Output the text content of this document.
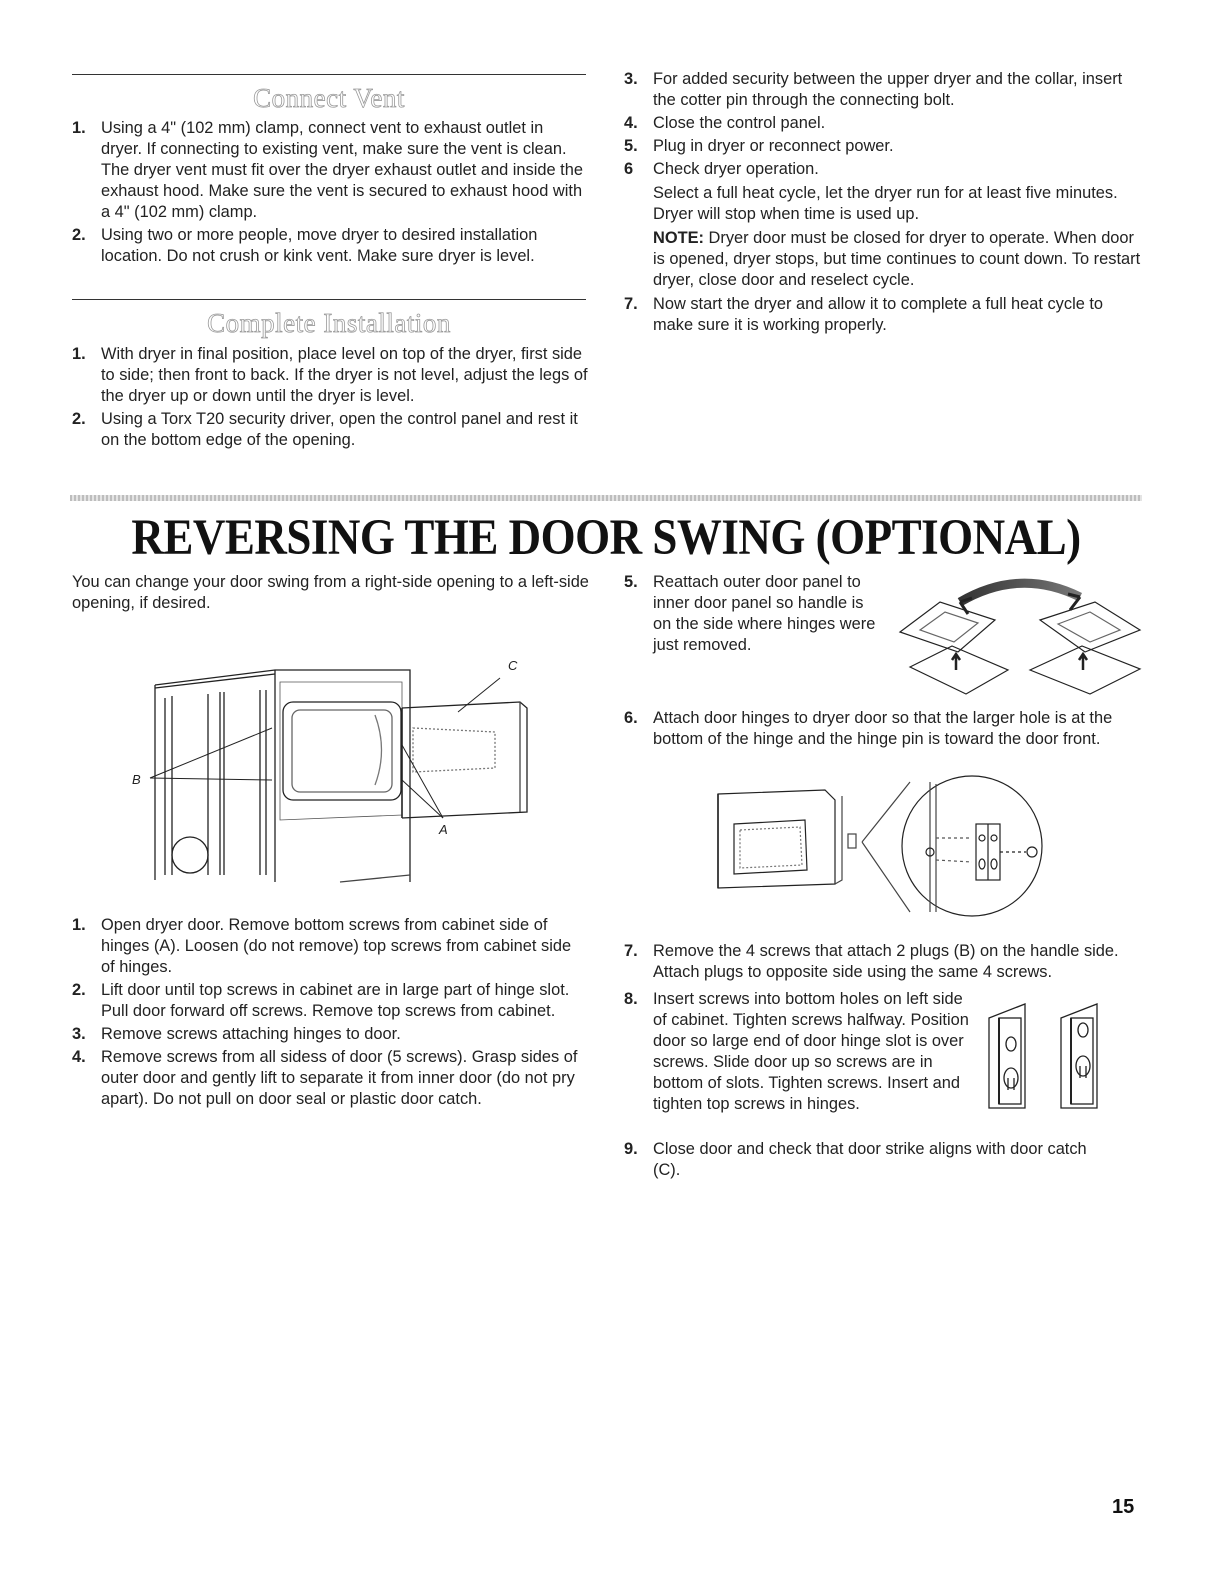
Connect Vent
1. Using a 4" (102 mm) clamp, connect vent to exhaust outlet in dryer. If connecting to existing vent, make sure the vent is clean. The dryer vent must fit over the dryer exhaust outlet and inside the exhaust hood. Make sure the vent is secured to exhaust hood with a 4" (102 mm) clamp.
2. Using two or more people, move dryer to desired installation location. Do not crush or kink vent. Make sure dryer is level.
Complete Installation
1. With dryer in final position, place level on top of the dryer, first side to side; then front to back. If the dryer is not level, adjust the legs of the dryer up or down until the dryer is level.
2. Using a Torx T20 security driver, open the control panel and rest it on the bottom edge of the opening.
3. For added security between the upper dryer and the collar, insert the cotter pin through the connecting bolt.
4. Close the control panel.
5. Plug in dryer or reconnect power.
6 Check dryer operation.
Select a full heat cycle, let the dryer run for at least five minutes. Dryer will stop when time is used up.
NOTE: Dryer door must be closed for dryer to operate. When door is opened, dryer stops, but time continues to count down. To restart dryer, close door and reselect cycle.
7. Now start the dryer and allow it to complete a full heat cycle to make sure it is working properly.
REVERSING THE DOOR SWING (OPTIONAL)
You can change your door swing from a right-side opening to a left-side opening, if desired.
B
A
C
1. Open dryer door. Remove bottom screws from cabinet side of hinges (A). Loosen (do not remove) top screws from cabinet side of hinges.
2. Lift door until top screws in cabinet are in large part of hinge slot. Pull door forward off screws. Remove top screws from cabinet.
3. Remove screws attaching hinges to door.
4. Remove screws from all sidess of door (5 screws). Grasp sides of outer door and gently lift to separate it from inner door (do not pry apart). Do not pull on door seal or plastic door catch.
5. Reattach outer door panel to inner door panel so handle is on the side where hinges were just removed.
6. Attach door hinges to dryer door so that the larger hole is at the bottom of the hinge and the hinge pin is toward the door front.
7. Remove the 4 screws that attach 2 plugs (B) on the handle side. Attach plugs to opposite side using the same 4 screws.
8. Insert screws into bottom holes on left side of cabinet. Tighten screws halfway. Position door so large end of door hinge slot is over screws. Slide door up so screws are in bottom of slots. Tighten screws. Insert and tighten top screws in hinges.
9. Close door and check that door strike aligns with door catch (C).
15
